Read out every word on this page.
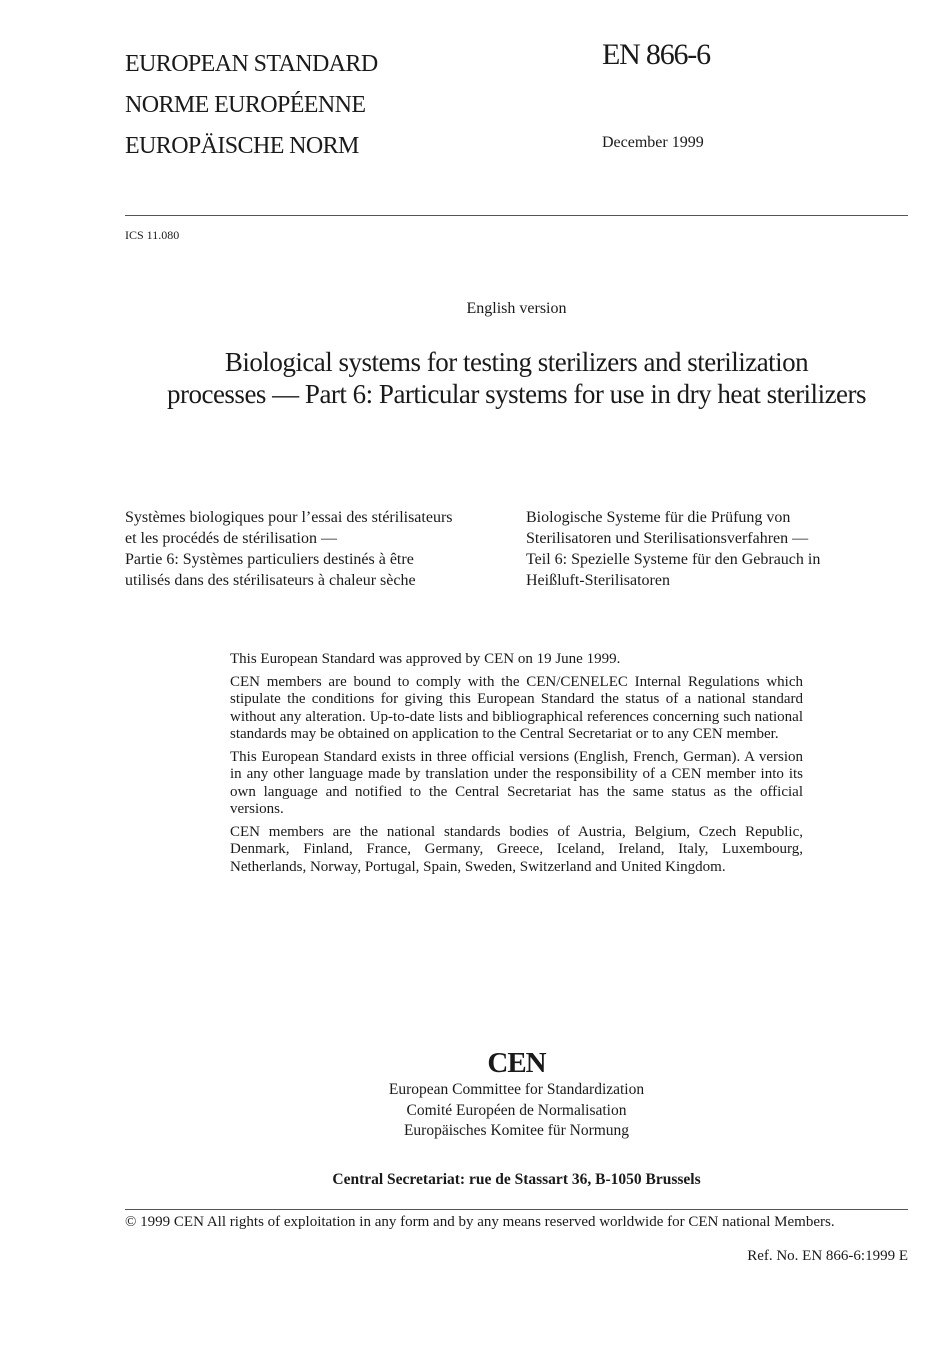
EUROPEAN STANDARD
NORME EUROPÉENNE
EUROPÄISCHE NORM
EN 866-6
December 1999
ICS 11.080
English version
Biological systems for testing sterilizers and sterilization
processes — Part 6: Particular systems for use in dry heat sterilizers
Systèmes biologiques pour l’essai des stérilisateurs
et les procédés de stérilisation —
Partie 6: Systèmes particuliers destinés à être
utilisés dans des stérilisateurs à chaleur sèche
Biologische Systeme für die Prüfung von
Sterilisatoren und Sterilisationsverfahren —
Teil 6: Spezielle Systeme für den Gebrauch in
Heißluft-Sterilisatoren

This European Standard was approved by CEN on 19 June 1999.

CEN members are bound to comply with the CEN/CENELEC Internal Regulations which stipulate the conditions for giving this European Standard the status of a national standard without any alteration. Up-to-date lists and bibliographical references concerning such national standards may be obtained on application to the Central Secretariat or to any CEN member.

This European Standard exists in three official versions (English, French, German). A version in any other language made by translation under the responsibility of a CEN member into its own language and notified to the Central Secretariat has the same status as the official versions.

CEN members are the national standards bodies of Austria, Belgium, Czech Republic, Denmark, Finland, France, Germany, Greece, Iceland, Ireland, Italy, Luxembourg, Netherlands, Norway, Portugal, Spain, Sweden, Switzerland and United Kingdom.

CEN
European Committee for Standardization
Comité Européen de Normalisation
Europäisches Komitee für Normung
Central Secretariat: rue de Stassart 36, B-1050 Brussels
© 1999 CEN All rights of exploitation in any form and by any means reserved worldwide for CEN national Members.
Ref. No. EN 866-6:1999 E
